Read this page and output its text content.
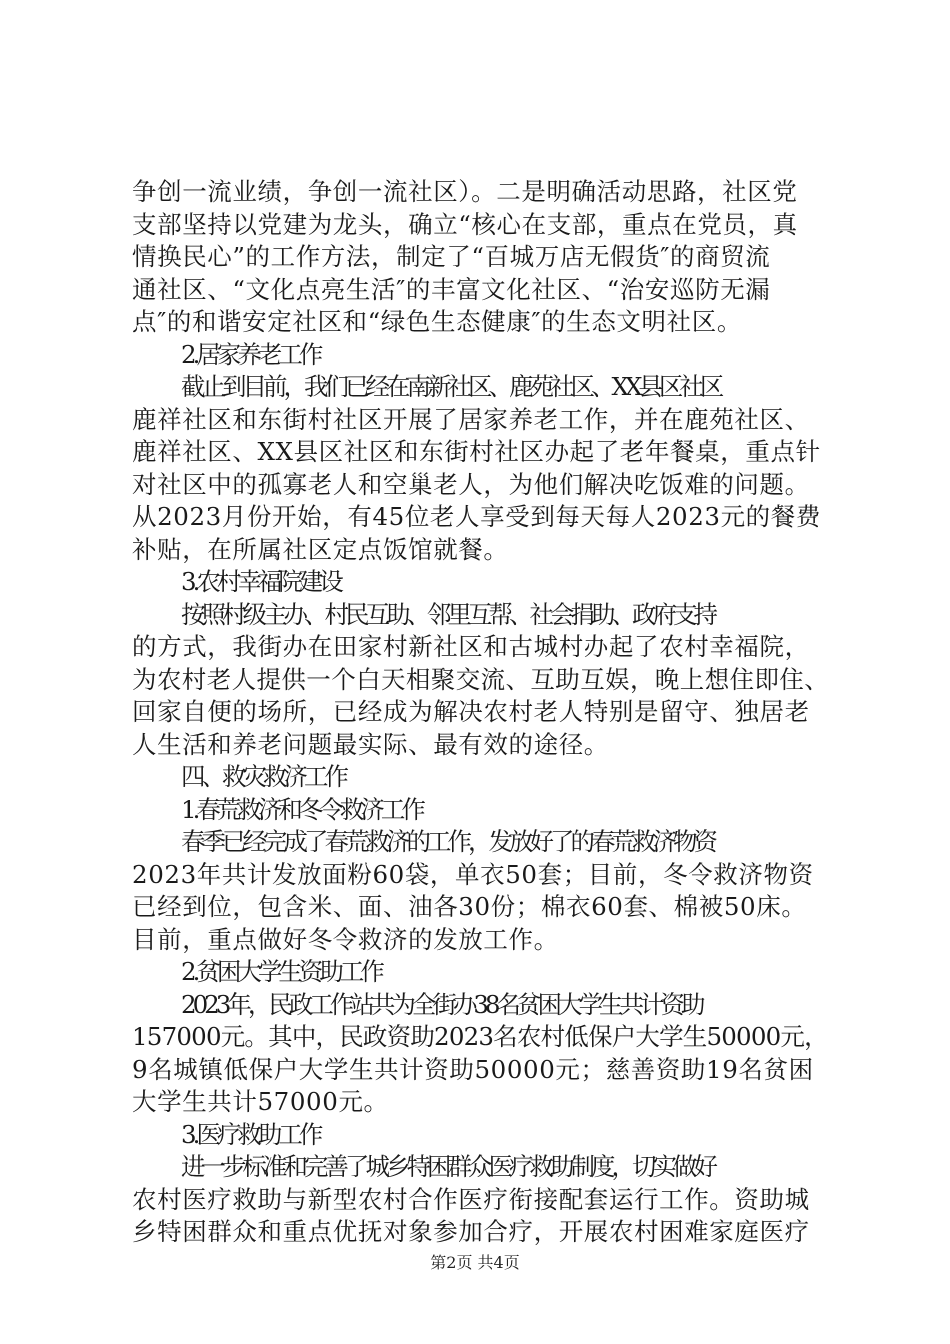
争创一流业绩，争创一流社区）。二是明确活动思路，社区党
支部坚持以党建为龙头，确立“核心在支部，重点在党员，真
情换民心”的工作方法，制定了“百城万店无假货″的商贸流
通社区、“文化点亮生活″的丰富文化社区、“治安巡防无漏
点″的和谐安定社区和“绿色生态健康″的生态文明社区。
2.居家养老工作
截止到目前，我们已经在南新社区、鹿苑社区、XX县区社区
鹿祥社区和东街村社区开展了居家养老工作，并在鹿苑社区、
鹿祥社区、XX县区社区和东街村社区办起了老年餐桌，重点针
对社区中的孤寡老人和空巢老人，为他们解决吃饭难的问题。
从2023月份开始，有45位老人享受到每天每人2023元的餐费
补贴，在所属社区定点饭馆就餐。
3.农村幸福院建设
按照村级主办、村民互助、邻里互帮、社会捐助、政府支持
的方式，我街办在田家村新社区和古城村办起了农村幸福院，
为农村老人提供一个白天相聚交流、互助互娱，晚上想住即住、
回家自便的场所，已经成为解决农村老人特别是留守、独居老
人生活和养老问题最实际、最有效的途径。
四、救灾救济工作
1.春荒救济和冬令救济工作
春季已经完成了春荒救济的工作，发放好了的春荒救济物资
2023年共计发放面粉60袋，单衣50套；目前，冬令救济物资
已经到位，包含米、面、油各30份；棉衣60套、棉被50床。
目前，重点做好冬令救济的发放工作。
2.贫困大学生资助工作
2023年，民政工作站共为全街办38名贫困大学生共计资助
157000元。其中，民政资助2023名农村低保户大学生50000元，
9名城镇低保户大学生共计资助50000元；慈善资助19名贫困
大学生共计57000元。
3.医疗救助工作
进一步标准和完善了城乡特困群众医疗救助制度，切实做好
农村医疗救助与新型农村合作医疗衔接配套运行工作。资助城
乡特困群众和重点优抚对象参加合疗，开展农村困难家庭医疗
第2页 共4页
